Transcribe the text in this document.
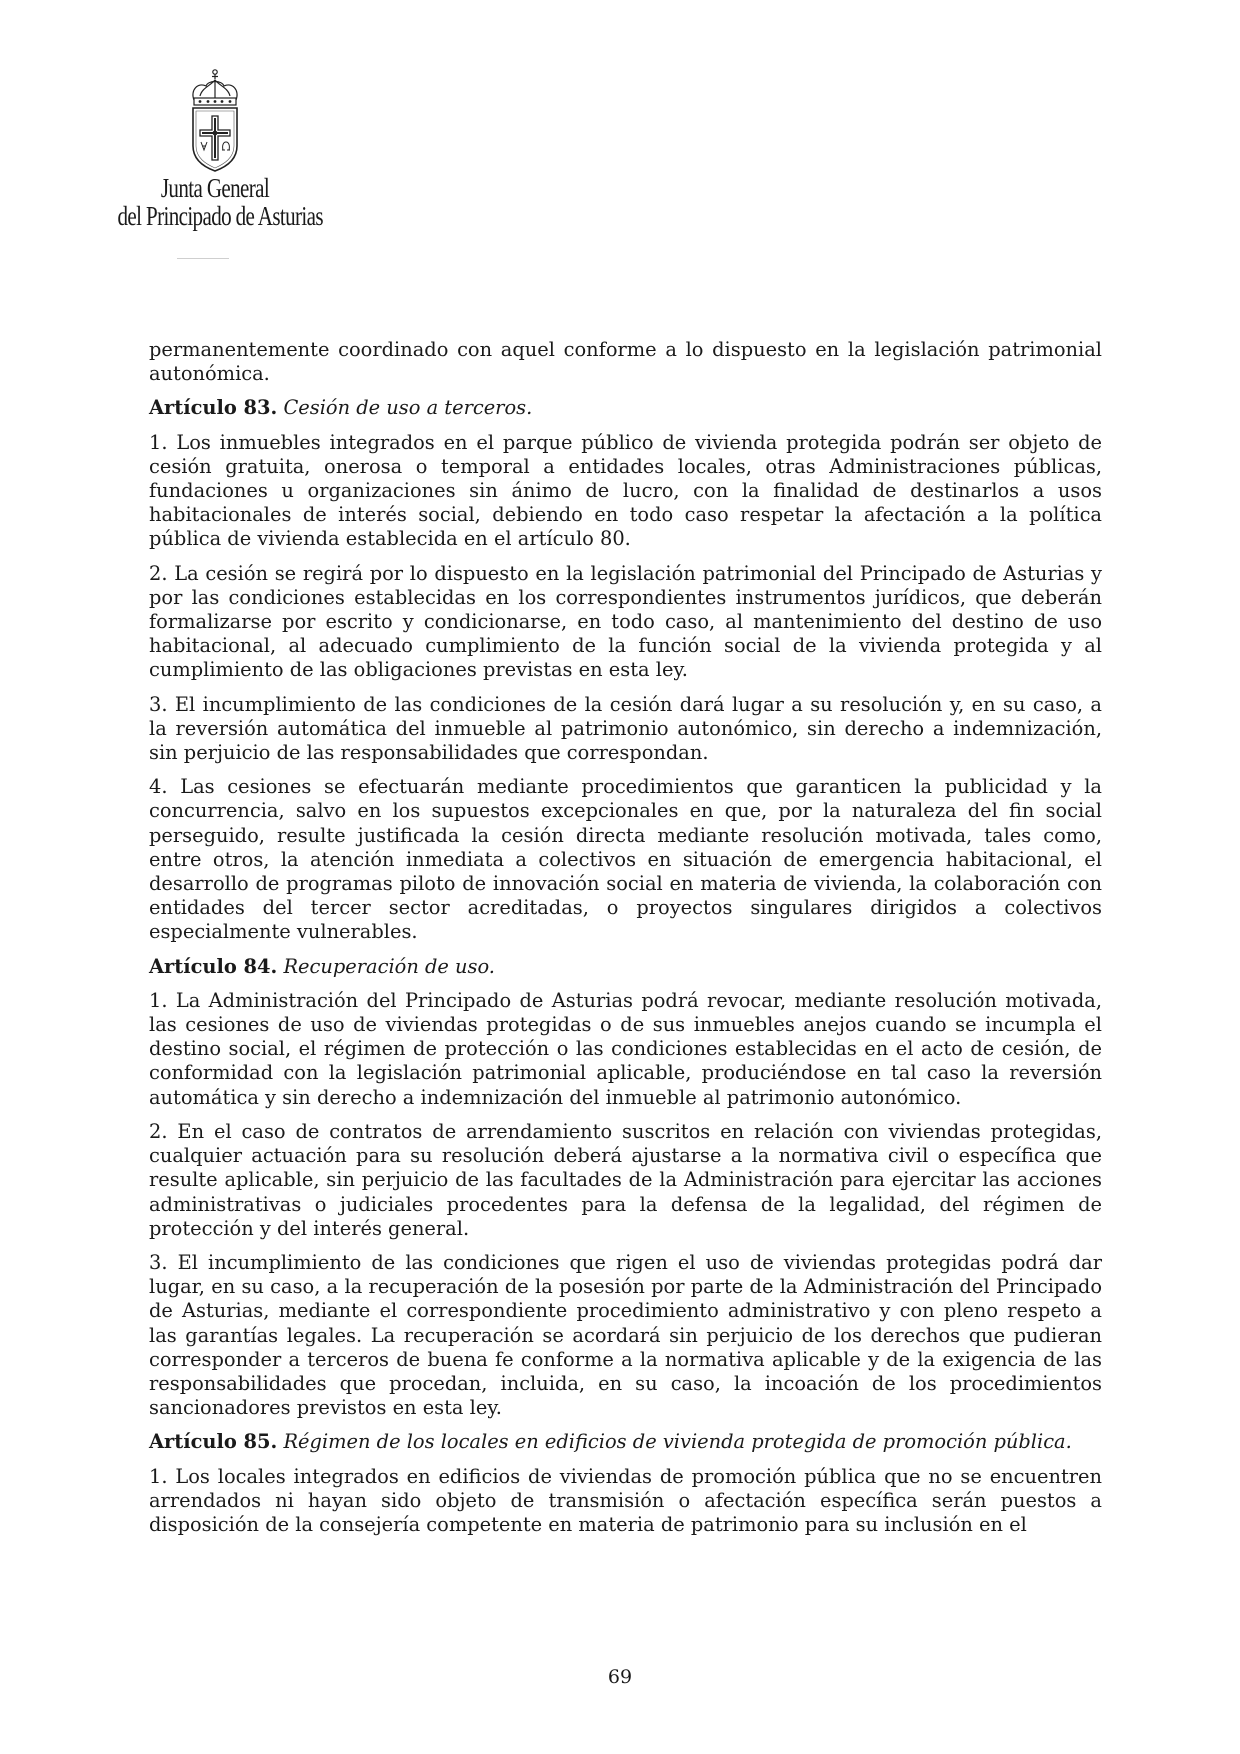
Junta General
del Principado de Asturias

permanentemente coordinado con aquel conforme a lo dispuesto en la legislación patrimonial autonómica.

Artículo 83. Cesión de uso a terceros.

1. Los inmuebles integrados en el parque público de vivienda protegida podrán ser objeto de cesión gratuita, onerosa o temporal a entidades locales, otras Administraciones públicas, fundaciones u organizaciones sin ánimo de lucro, con la finalidad de destinarlos a usos habitacionales de interés social, debiendo en todo caso respetar la afectación a la política pública de vivienda establecida en el artículo 80.

2. La cesión se regirá por lo dispuesto en la legislación patrimonial del Principado de Asturias y por las condiciones establecidas en los correspondientes instrumentos jurídicos, que deberán formalizarse por escrito y condicionarse, en todo caso, al mantenimiento del destino de uso habitacional, al adecuado cumplimiento de la función social de la vivienda protegida y al cumplimiento de las obligaciones previstas en esta ley.

3. El incumplimiento de las condiciones de la cesión dará lugar a su resolución y, en su caso, a la reversión automática del inmueble al patrimonio autonómico, sin derecho a indemnización, sin perjuicio de las responsabilidades que correspondan.

4. Las cesiones se efectuarán mediante procedimientos que garanticen la publicidad y la concurrencia, salvo en los supuestos excepcionales en que, por la naturaleza del fin social perseguido, resulte justificada la cesión directa mediante resolución motivada, tales como, entre otros, la atención inmediata a colectivos en situación de emergencia habitacional, el desarrollo de programas piloto de innovación social en materia de vivienda, la colaboración con entidades del tercer sector acreditadas, o proyectos singulares dirigidos a colectivos especialmente vulnerables.

Artículo 84. Recuperación de uso.

1. La Administración del Principado de Asturias podrá revocar, mediante resolución motivada, las cesiones de uso de viviendas protegidas o de sus inmuebles anejos cuando se incumpla el destino social, el régimen de protección o las condiciones establecidas en el acto de cesión, de conformidad con la legislación patrimonial aplicable, produciéndose en tal caso la reversión automática y sin derecho a indemnización del inmueble al patrimonio autonómico.

2. En el caso de contratos de arrendamiento suscritos en relación con viviendas protegidas, cualquier actuación para su resolución deberá ajustarse a la normativa civil o específica que resulte aplicable, sin perjuicio de las facultades de la Administración para ejercitar las acciones administrativas o judiciales procedentes para la defensa de la legalidad, del régimen de protección y del interés general.

3. El incumplimiento de las condiciones que rigen el uso de viviendas protegidas podrá dar lugar, en su caso, a la recuperación de la posesión por parte de la Administración del Principado de Asturias, mediante el correspondiente procedimiento administrativo y con pleno respeto a las garantías legales. La recuperación se acordará sin perjuicio de los derechos que pudieran corresponder a terceros de buena fe conforme a la normativa aplicable y de la exigencia de las responsabilidades que procedan, incluida, en su caso, la incoación de los procedimientos sancionadores previstos en esta ley.

Artículo 85. Régimen de los locales en edificios de vivienda protegida de promoción pública.

1. Los locales integrados en edificios de viviendas de promoción pública que no se encuentren arrendados ni hayan sido objeto de transmisión o afectación específica serán puestos a disposición de la consejería competente en materia de patrimonio para su inclusión en el

69
